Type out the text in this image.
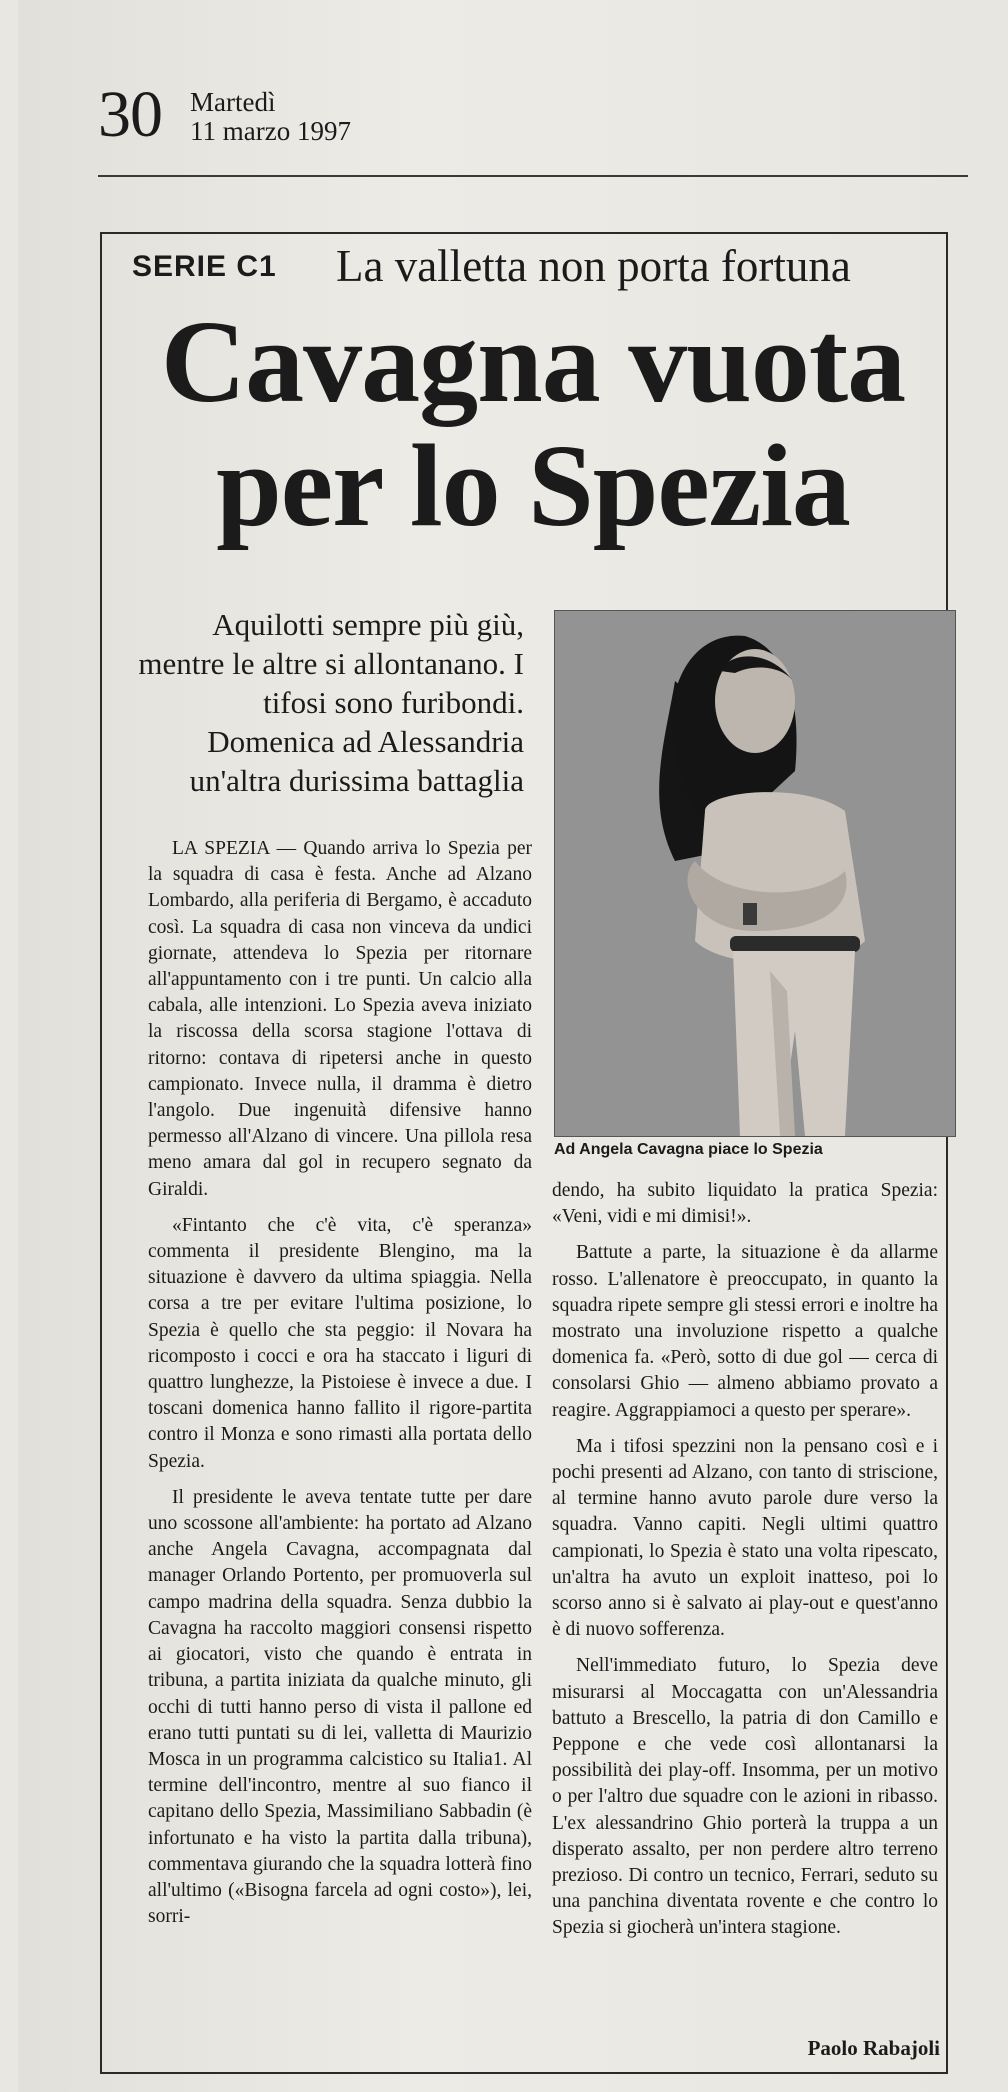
30 Martedì
11 marzo 1997
SERIE C1 La valletta non porta fortuna
Cavagna vuota per lo Spezia
Aquilotti sempre più giù, mentre le altre si allontanano. I tifosi sono furibondi. Domenica ad Alessandria un'altra durissima battaglia
Ad Angela Cavagna piace lo Spezia

LA SPEZIA — Quando arriva lo Spezia per la squadra di casa è festa. Anche ad Alzano Lombardo, alla periferia di Bergamo, è accaduto così. La squadra di casa non vinceva da undici giornate, attendeva lo Spezia per ritornare all'appuntamento con i tre punti. Un calcio alla cabala, alle intenzioni. Lo Spezia aveva iniziato la riscossa della scorsa stagione l'ottava di ritorno: contava di ripetersi anche in questo campionato. Invece nulla, il dramma è dietro l'angolo. Due ingenuità difensive hanno permesso all'Alzano di vincere. Una pillola resa meno amara dal gol in recupero segnato da Giraldi.

«Fintanto che c'è vita, c'è speranza» commenta il presidente Blengino, ma la situazione è davvero da ultima spiaggia. Nella corsa a tre per evitare l'ultima posizione, lo Spezia è quello che sta peggio: il Novara ha ricomposto i cocci e ora ha staccato i liguri di quattro lunghezze, la Pistoiese è invece a due. I toscani domenica hanno fallito il rigore-partita contro il Monza e sono rimasti alla portata dello Spezia.

Il presidente le aveva tentate tutte per dare uno scossone all'ambiente: ha portato ad Alzano anche Angela Cavagna, accompagnata dal manager Orlando Portento, per promuoverla sul campo madrina della squadra. Senza dubbio la Cavagna ha raccolto maggiori consensi rispetto ai giocatori, visto che quando è entrata in tribuna, a partita iniziata da qualche minuto, gli occhi di tutti hanno perso di vista il pallone ed erano tutti puntati su di lei, valletta di Maurizio Mosca in un programma calcistico su Italia1. Al termine dell'incontro, mentre al suo fianco il capitano dello Spezia, Massimiliano Sabbadin (è infortunato e ha visto la partita dalla tribuna), commentava giurando che la squadra lotterà fino all'ultimo («Bisogna farcela ad ogni costo»), lei, sorri-

dendo, ha subito liquidato la pratica Spezia: «Veni, vidi e mi dimisi!».

Battute a parte, la situazione è da allarme rosso. L'allenatore è preoccupato, in quanto la squadra ripete sempre gli stessi errori e inoltre ha mostrato una involuzione rispetto a qualche domenica fa. «Però, sotto di due gol — cerca di consolarsi Ghio — almeno abbiamo provato a reagire. Aggrappiamoci a questo per sperare».

Ma i tifosi spezzini non la pensano così e i pochi presenti ad Alzano, con tanto di striscione, al termine hanno avuto parole dure verso la squadra. Vanno capiti. Negli ultimi quattro campionati, lo Spezia è stato una volta ripescato, un'altra ha avuto un exploit inatteso, poi lo scorso anno si è salvato ai play-out e quest'anno è di nuovo sofferenza.

Nell'immediato futuro, lo Spezia deve misurarsi al Moccagatta con un'Alessandria battuto a Brescello, la patria di don Camillo e Peppone e che vede così allontanarsi la possibilità dei play-off. Insomma, per un motivo o per l'altro due squadre con le azioni in ribasso. L'ex alessandrino Ghio porterà la truppa a un disperato assalto, per non perdere altro terreno prezioso. Di contro un tecnico, Ferrari, seduto su una panchina diventata rovente e che contro lo Spezia si giocherà un'intera stagione.

Paolo Rabajoli
